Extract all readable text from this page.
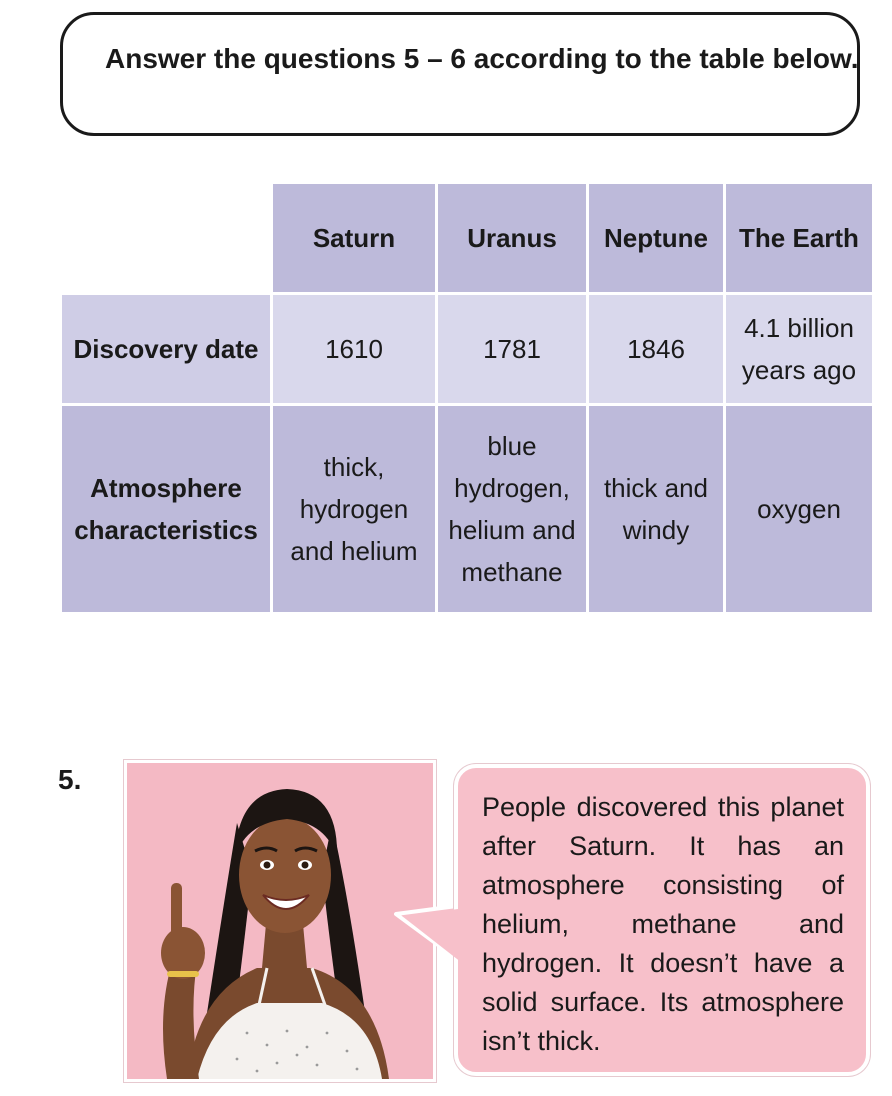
Answer the questions 5 – 6 according to the table below.

	Saturn	Uranus	Neptune	The Earth

Discovery date	1610	1781	1846	4.1 billion
years ago

Atmosphere
characteristics	thick,
hydrogen
and helium	blue
hydrogen,
helium and
methane	thick and
windy	oxygen
5.
People discovered this planet after Saturn. It has an atmosphere consisting of helium, methane and hydrogen. It doesn’t have a solid surface. Its atmosphere isn’t thick.
